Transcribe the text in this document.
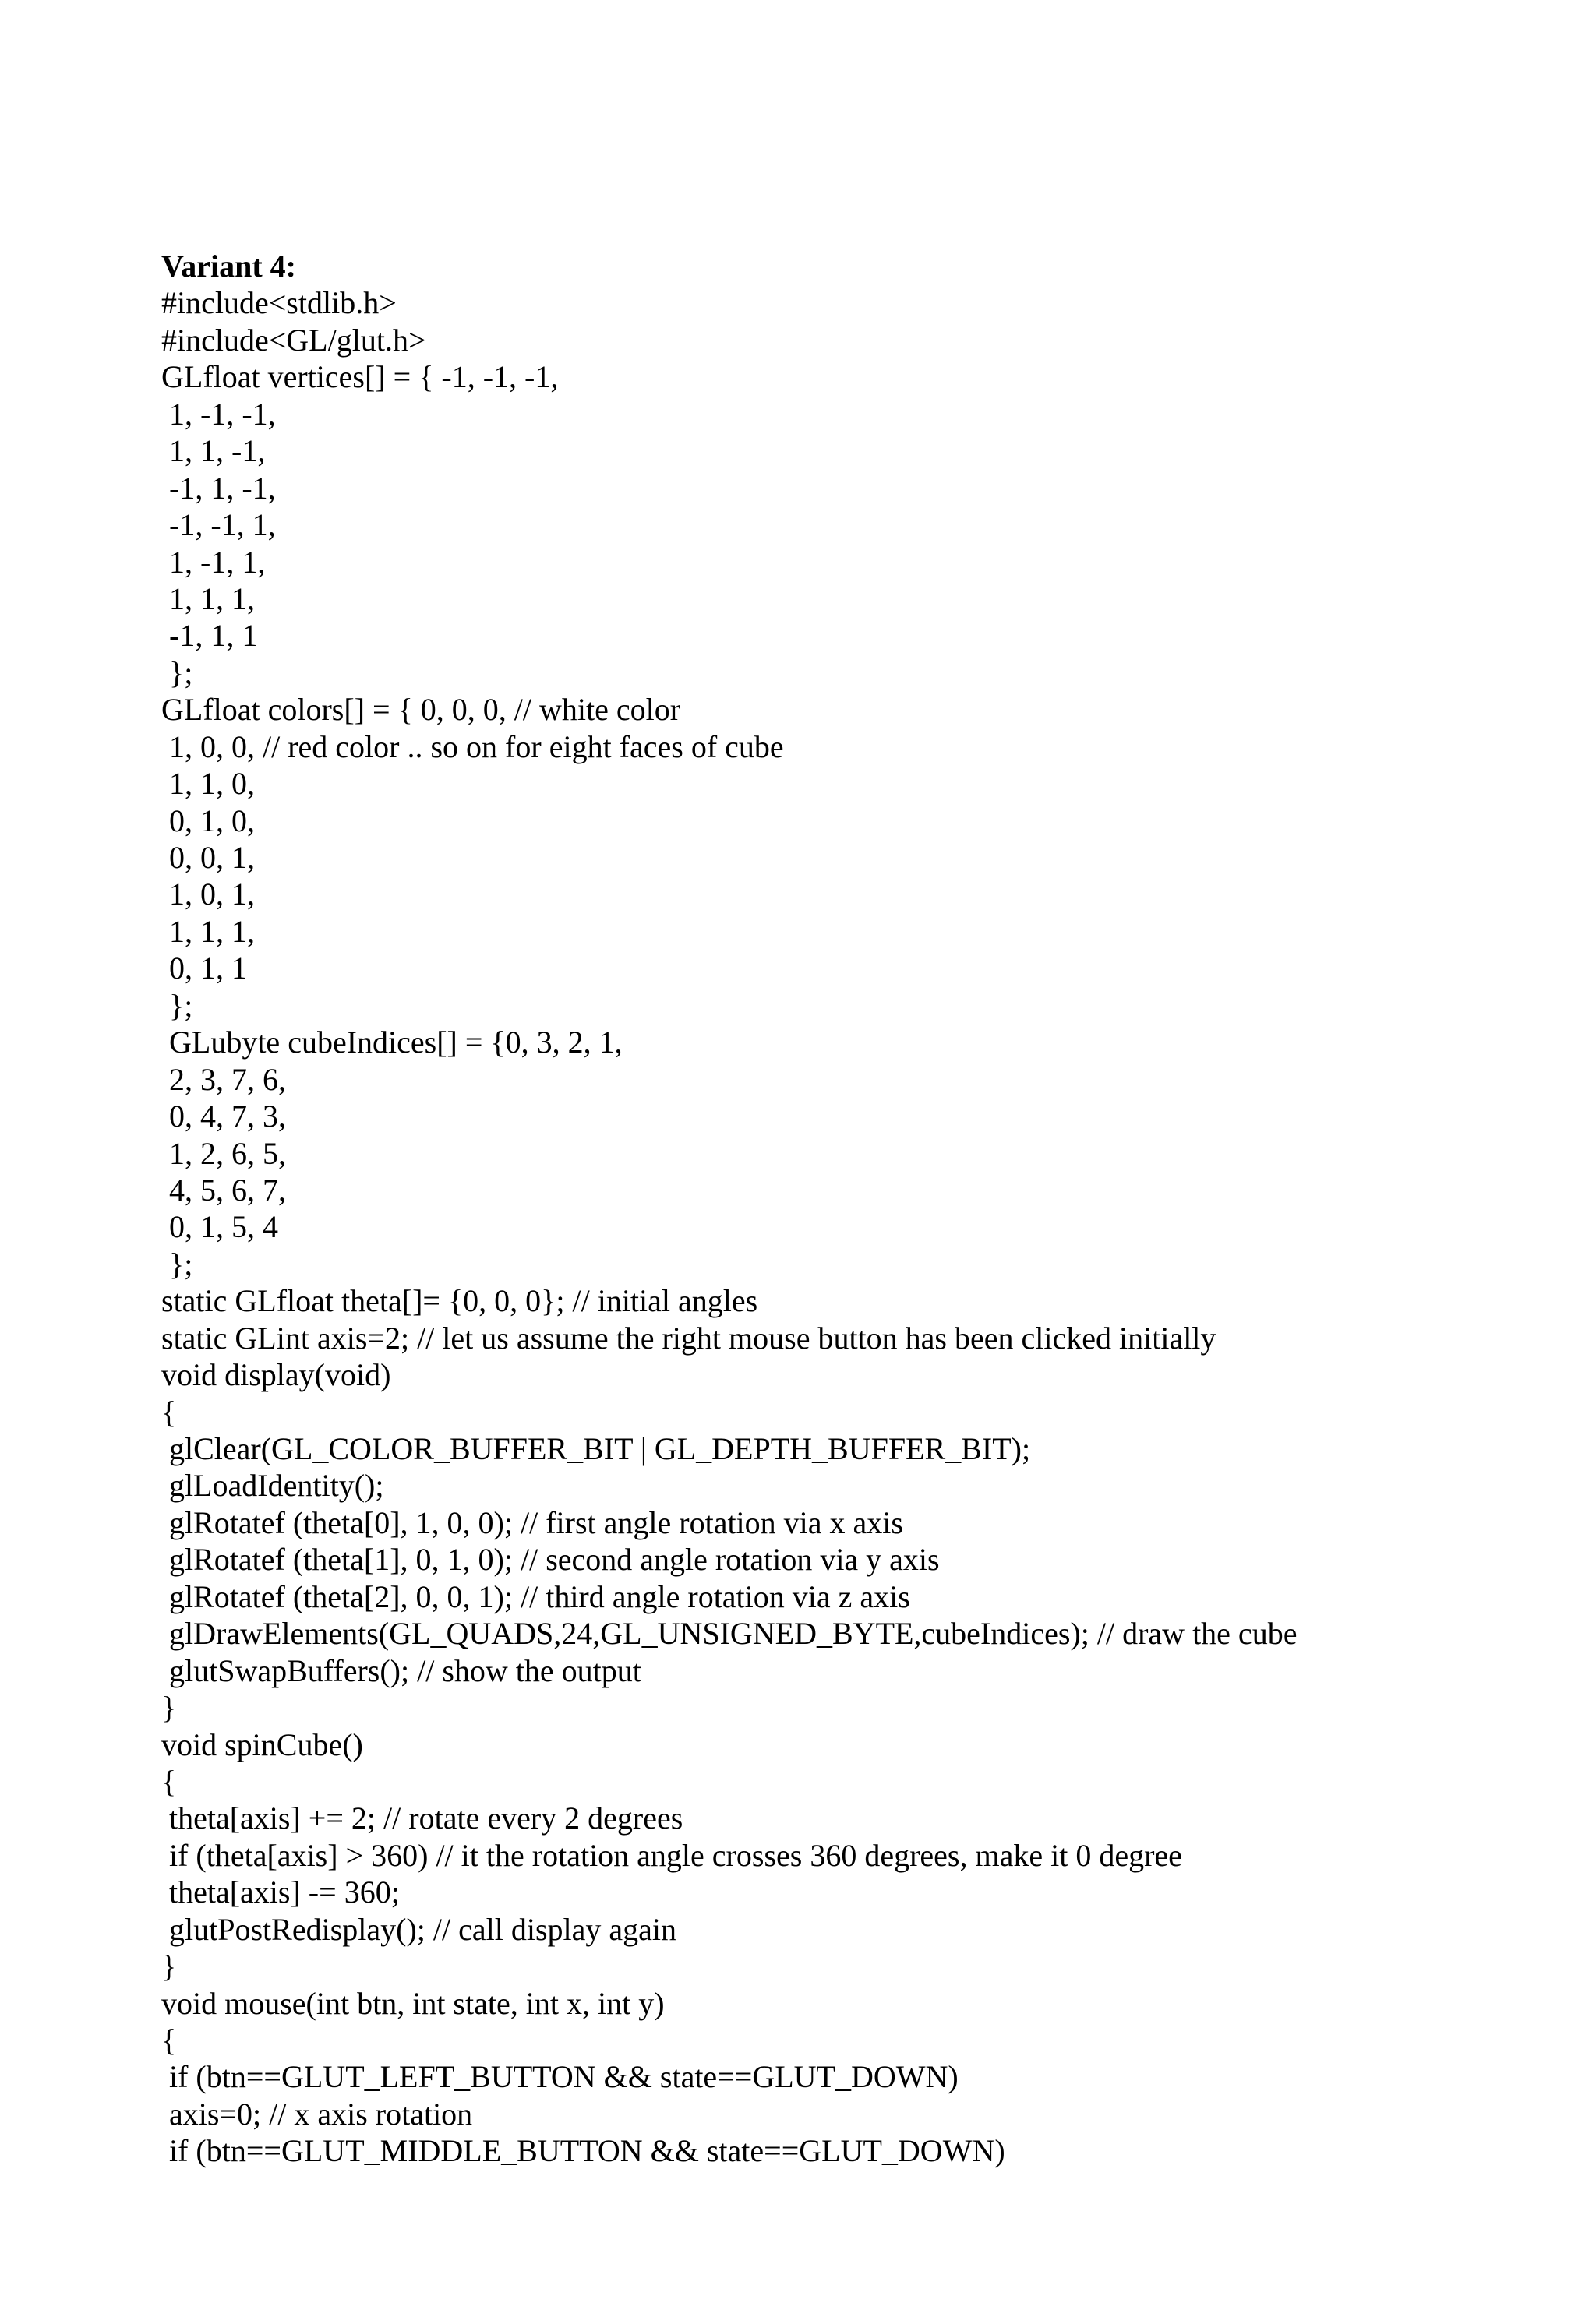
Variant 4:
#include<stdlib.h>
#include<GL/glut.h>
GLfloat vertices[] = { -1, -1, -1,
1, -1, -1,
1, 1, -1,
-1, 1, -1,
-1, -1, 1,
1, -1, 1,
1, 1, 1,
-1, 1, 1
};
GLfloat colors[] = { 0, 0, 0, // white color
1, 0, 0, // red color .. so on for eight faces of cube
1, 1, 0,
0, 1, 0,
0, 0, 1,
1, 0, 1,
1, 1, 1,
0, 1, 1
};
GLubyte cubeIndices[] = {0, 3, 2, 1,
2, 3, 7, 6,
0, 4, 7, 3,
1, 2, 6, 5,
4, 5, 6, 7,
0, 1, 5, 4
};
static GLfloat theta[]= {0, 0, 0}; // initial angles
static GLint axis=2; // let us assume the right mouse button has been clicked initially
void display(void)
{
glClear(GL_COLOR_BUFFER_BIT | GL_DEPTH_BUFFER_BIT);
glLoadIdentity();
glRotatef (theta[0], 1, 0, 0); // first angle rotation via x axis
glRotatef (theta[1], 0, 1, 0); // second angle rotation via y axis
glRotatef (theta[2], 0, 0, 1); // third angle rotation via z axis
glDrawElements(GL_QUADS,24,GL_UNSIGNED_BYTE,cubeIndices); // draw the cube
glutSwapBuffers(); // show the output
}
void spinCube()
{
theta[axis] += 2; // rotate every 2 degrees
if (theta[axis] > 360) // it the rotation angle crosses 360 degrees, make it 0 degree
theta[axis] -= 360;
glutPostRedisplay(); // call display again
}
void mouse(int btn, int state, int x, int y)
{
if (btn==GLUT_LEFT_BUTTON && state==GLUT_DOWN)
axis=0; // x axis rotation
if (btn==GLUT_MIDDLE_BUTTON && state==GLUT_DOWN)
